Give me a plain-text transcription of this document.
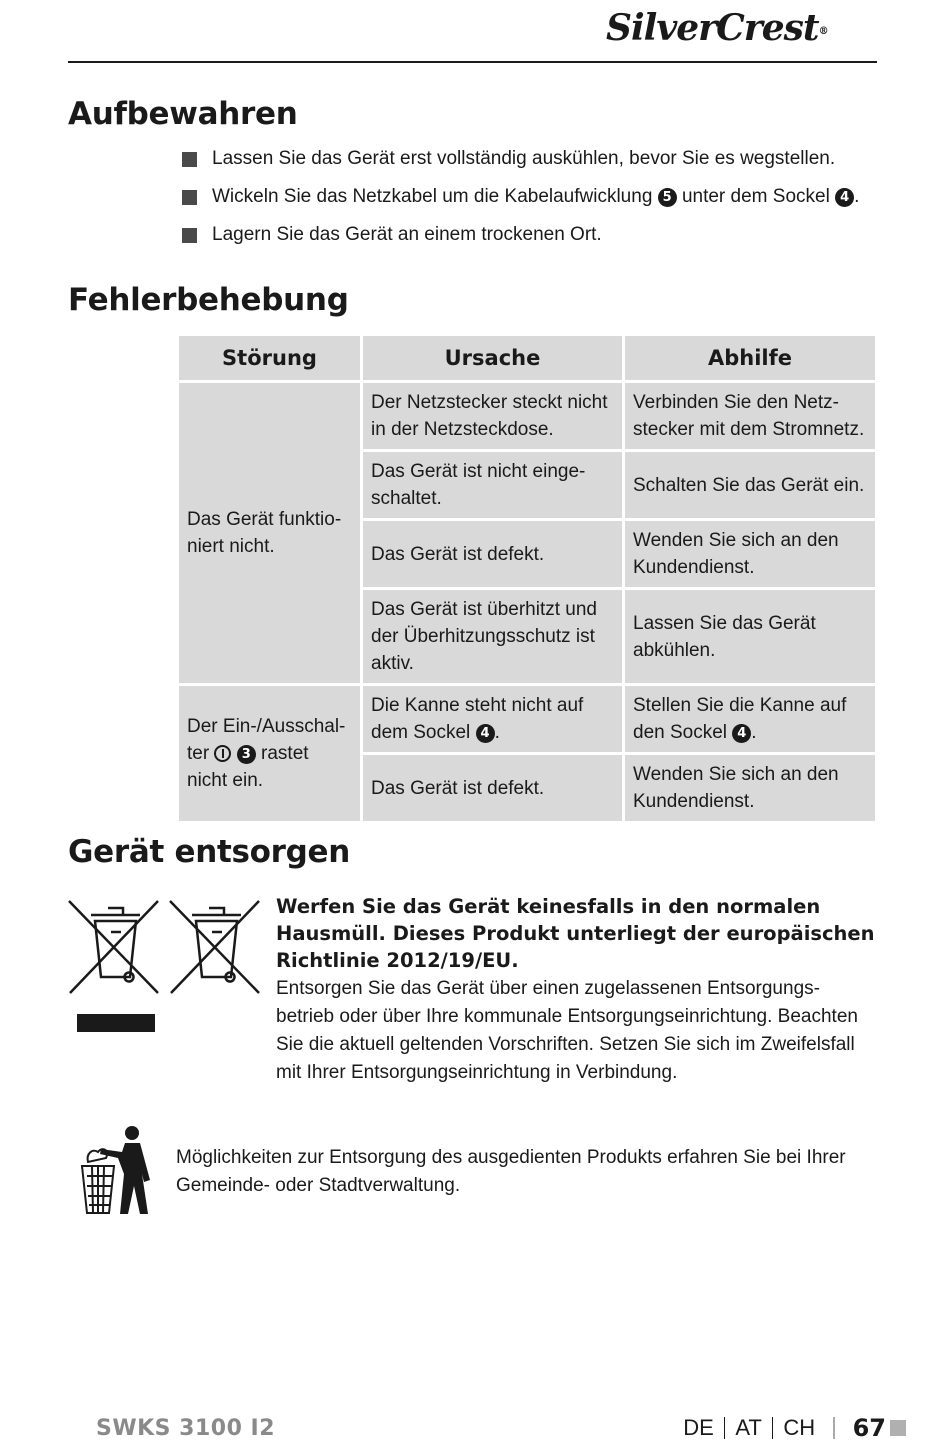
SilverCrest®
Aufbewahren
Lassen Sie das Gerät erst vollständig auskühlen, bevor Sie es wegstellen.
Wickeln Sie das Netzkabel um die Kabelaufwicklung 5 unter dem Sockel 4 .
Lagern Sie das Gerät an einem trockenen Ort.
Fehlerbehebung
Störung	Ursache	Abhilfe
Das Gerät funktio-niert nicht.	Der Netzstecker steckt nicht in der Netzsteckdose.	Verbinden Sie den Netz-stecker mit dem Stromnetz.
	Das Gerät ist nicht einge-schaltet.	Schalten Sie das Gerät ein.
	Das Gerät ist defekt.	Wenden Sie sich an den Kundendienst.
	Das Gerät ist überhitzt und der Überhitzungsschutz ist aktiv.	Lassen Sie das Gerät abkühlen.
Der Ein-/Ausschal-ter 3 rastet nicht ein.	Die Kanne steht nicht auf dem Sockel 4 .	Stellen Sie die Kanne auf den Sockel 4 .
	Das Gerät ist defekt.	Wenden Sie sich an den Kundendienst.
Gerät entsorgen

Werfen Sie das Gerät keinesfalls in den normalen Hausmüll. Dieses Produkt unterliegt der europäischen Richtlinie 2012/19/EU.

Entsorgen Sie das Gerät über einen zugelassenen Entsorgungs-betrieb oder über Ihre kommunale Entsorgungseinrichtung. Beachten Sie die aktuell geltenden Vorschriften. Setzen Sie sich im Zweifelsfall mit Ihrer Entsorgungseinrichtung in Verbindung.

Möglichkeiten zur Entsorgung des ausgedienten Produkts erfahren Sie bei Ihrer Gemeinde- oder Stadtverwaltung.

SWKS 3100 I2	DE AT CH 67
